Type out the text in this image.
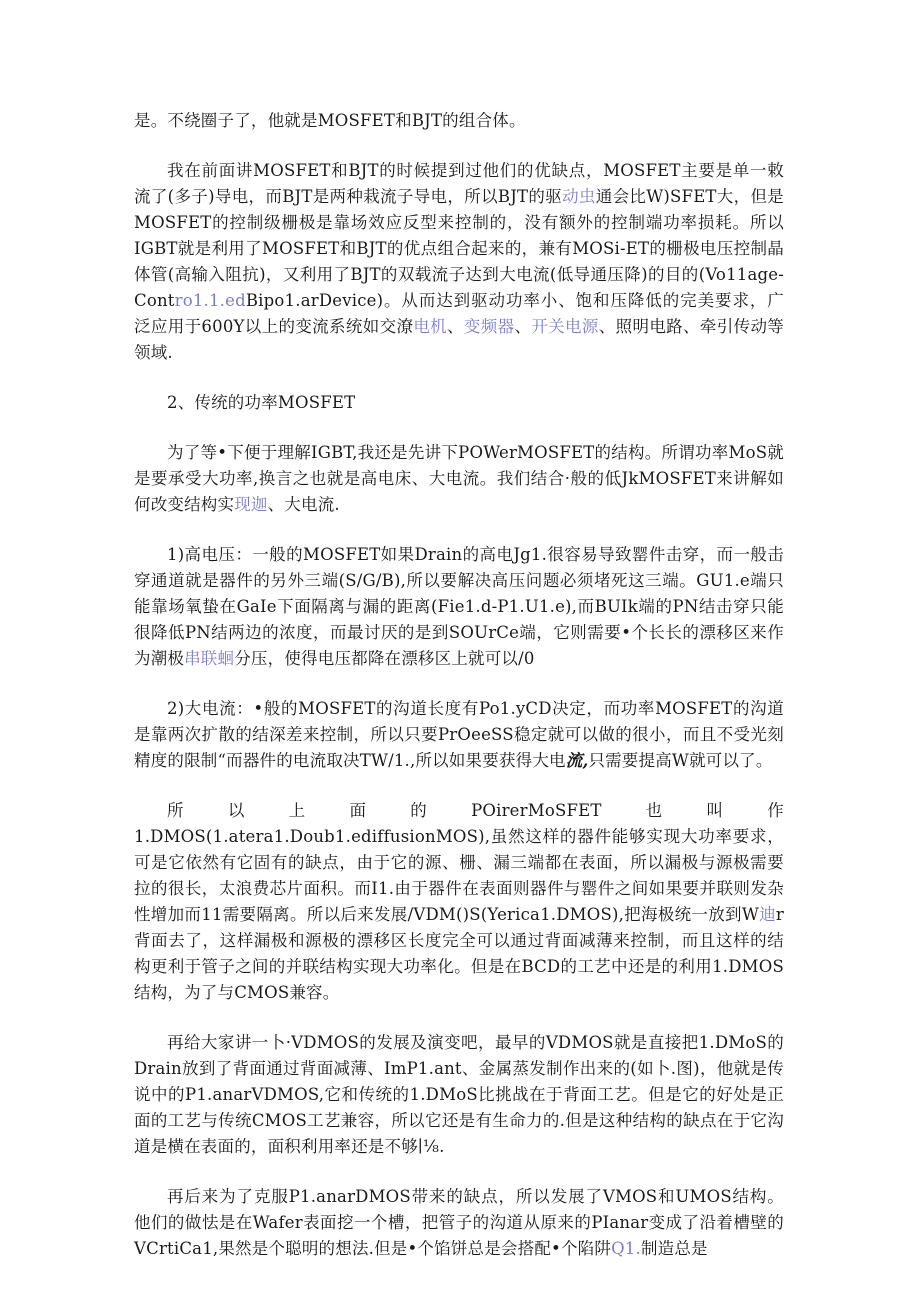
是。不绕圈子了，他就是MOSFET和BJT的组合体。

我在前面讲MOSFET和BJT的时候提到过他们的优缺点，MOSFET主要是单一敕流了(多子)导电，而BJT是两种栽流子导电，所以BJT的驱动虫通会比W)SFET大，但是MOSFET的控制级栅极是靠场效应反型来控制的，没有额外的控制端功率损耗。所以IGBT就是利用了MOSFET和BJT的优点组合起来的，兼有MOSi-ET的栅极电压控制晶体管(高输入阻抗)，又利用了BJT的双载流子达到大电流(低导通压降)的目的(Vo11age-Contro1.1.edBipo1.arDevice)。从而达到驱动功率小、饱和压降低的完美要求，广泛应用于600Y以上的变流系统如交潦电机、变频器、开关电源、照明电路、牵引传动等领域.

2、传统的功率MOSFET

为了等•下便于理解IGBT,我还是先讲下POWerMOSFET的结构。所谓功率MoS就是要承受大功率,换言之也就是高电床、大电流。我们结合·般的低JkMOSFET来讲解如何改变结构实现迦、大电流.

1)高电压：一般的MOSFET如果Drain的高电Jg1.很容易导致罂件击穿，而一般击穿通道就是器件的另外三端(S/G/B),所以要解决高压问题必须堵死这三端。GU1.e端只能靠场氧蛰在GaIe下面隔离与漏的距离(Fie1.d-P1.U1.e),而BUIk端的PN结击穿只能很降低PN结两边的浓度，而最讨厌的是到SOUrCe端，它则需要•个长长的漂移区来作为潮极串联蛔分压，使得电压都降在漂移区上就可以/0

2)大电流：•般的MOSFET的沟道长度有Po1.yCD决定，而功率MOSFET的沟道是靠两次扩散的结深差来控制，所以只要PrOeeSS稳定就可以做的很小，而且不受光刻精度的限制“而器件的电流取决TW/1.,所以如果要获得大电流,只需要提高W就可以了。

所以上面的POirerMoSFET也叫作1.DMOS(1.atera1.Doub1.ediffusionMOS),虽然这样的器件能够实现大功率要求，可是它依然有它固有的缺点，由于它的源、栅、漏三端都在表面，所以漏极与源极需要拉的很长，太浪费芯片面积。而I1.由于器件在表面则器件与罂件之间如果要并联则发杂性增加而11需要隔离。所以后来发展/VDM()S(Yerica1.DMOS),把海极统一放到W迪r背面去了，这样漏极和源极的漂移区长度完全可以通过背面减薄来控制，而且这样的结构更利于管子之间的并联结构实现大功率化。但是在BCD的工艺中还是的利用1.DMOS结构，为了与CMOS兼容。

再给大家讲一卜·VDMOS的发展及演变吧，最早的VDMOS就是直接把1.DMoS的Drain放到了背面通过背面减薄、ImP1.ant、金属蒸发制作出来的(如卜.图)，他就是传说中的P1.anarVDMOS,它和传统的1.DMoS比挑战在于背面工艺。但是它的好处是正面的工艺与传统CMOS工艺兼容，所以它还是有生命力的.但是这种结构的缺点在于它沟道是横在表面的，面积利用率还是不够∣⅛.

再后来为了克服P1.anarDMOS带来的缺点，所以发展了VMOS和UMOS结构。他们的做怯是在Wafer表面挖一个槽，把管子的沟道从原来的PIanar变成了沿着槽壁的VCrtiCa1,果然是个聪明的想法.但是•个馅饼总是会搭配•个陷阱Q1.制造总是
